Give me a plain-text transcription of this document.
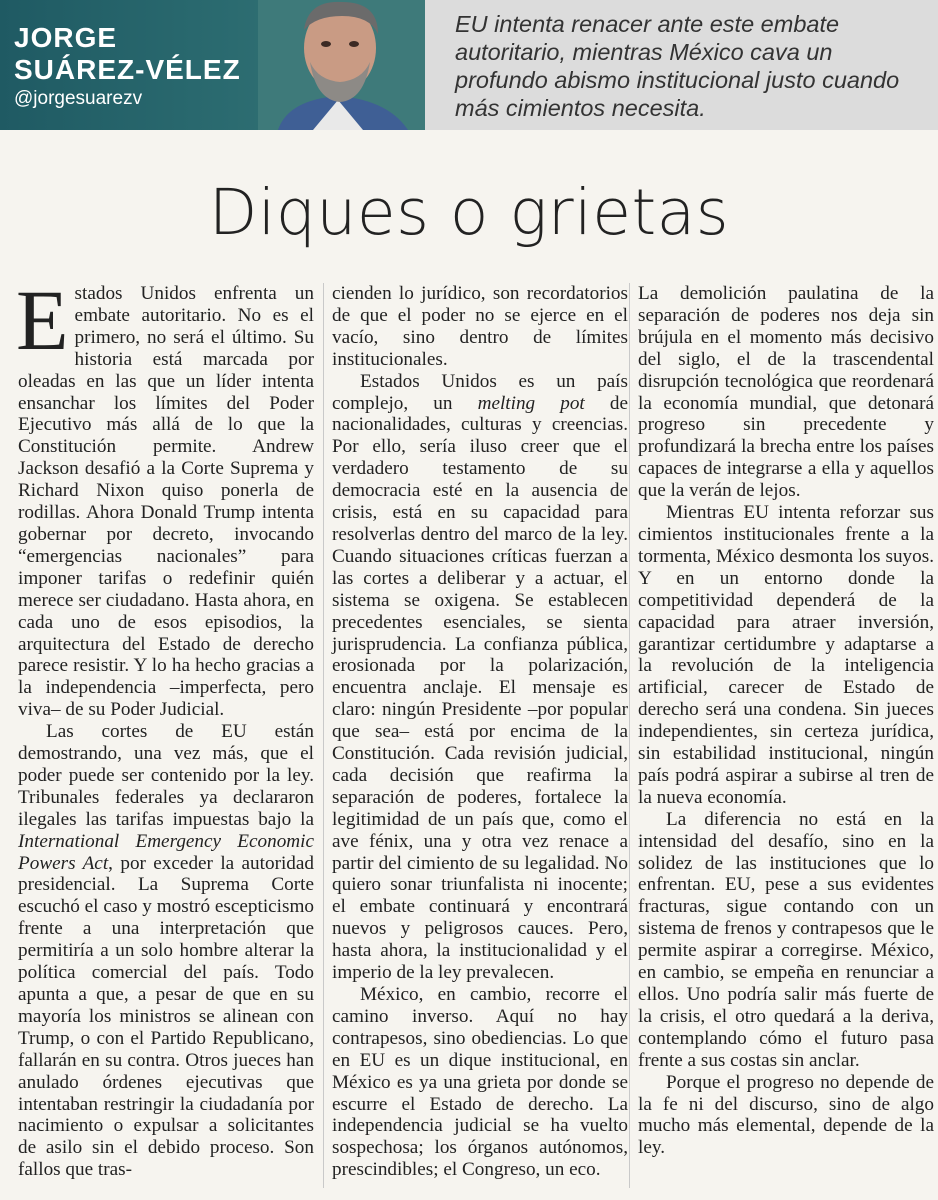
JORGE
SUÁREZ-VÉLEZ
@jorgesuarezv
EU intenta renacer ante este embate autoritario, mientras México cava un profundo abismo institucional justo cuando más cimientos necesita.
Diques o grietas

Estados Unidos enfrenta un embate autoritario. No es el primero, no será el último. Su historia está marcada por oleadas en las que un líder intenta ensanchar los límites del Poder Ejecutivo más allá de lo que la Constitución permite. Andrew Jackson desafió a la Corte Suprema y Richard Nixon quiso ponerla de rodillas. Ahora Donald Trump intenta gobernar por decreto, invocando “emergencias nacionales” para imponer tarifas o redefinir quién merece ser ciudadano. Hasta ahora, en cada uno de esos episodios, la arquitectura del Estado de derecho parece resistir. Y lo ha hecho gracias a la independencia –imperfecta, pero viva– de su Poder Judicial.

Las cortes de EU están demostrando, una vez más, que el poder puede ser contenido por la ley. Tribunales federales ya declararon ilegales las tarifas impuestas bajo la International Emergency Economic Powers Act, por exceder la autoridad presidencial. La Suprema Corte escuchó el caso y mostró escepticismo frente a una interpretación que permitiría a un solo hombre alterar la política comercial del país. Todo apunta a que, a pesar de que en su mayoría los ministros se alinean con Trump, o con el Partido Republicano, fallarán en su contra. Otros jueces han anulado órdenes ejecutivas que intentaban restringir la ciudadanía por nacimiento o expulsar a solicitantes de asilo sin el debido proceso. Son fallos que tras-

cienden lo jurídico, son recordatorios de que el poder no se ejerce en el vacío, sino dentro de límites institucionales.

Estados Unidos es un país complejo, un melting pot de nacionalidades, culturas y creencias. Por ello, sería iluso creer que el verdadero testamento de su democracia esté en la ausencia de crisis, está en su capacidad para resolverlas dentro del marco de la ley. Cuando situaciones críticas fuerzan a las cortes a deliberar y a actuar, el sistema se oxigena. Se establecen precedentes esenciales, se sienta jurisprudencia. La confianza pública, erosionada por la polarización, encuentra anclaje. El mensaje es claro: ningún Presidente –por popular que sea– está por encima de la Constitución. Cada revisión judicial, cada decisión que reafirma la separación de poderes, fortalece la legitimidad de un país que, como el ave fénix, una y otra vez renace a partir del cimiento de su legalidad. No quiero sonar triunfalista ni inocente; el embate continuará y encontrará nuevos y peligrosos cauces. Pero, hasta ahora, la institucionalidad y el imperio de la ley prevalecen.

México, en cambio, recorre el camino inverso. Aquí no hay contrapesos, sino obediencias. Lo que en EU es un dique institucional, en México es ya una grieta por donde se escurre el Estado de derecho. La independencia judicial se ha vuelto sospechosa; los órganos autónomos, prescindibles; el Congreso, un eco.

La demolición paulatina de la separación de poderes nos deja sin brújula en el momento más decisivo del siglo, el de la trascendental disrupción tecnológica que reordenará la economía mundial, que detonará progreso sin precedente y profundizará la brecha entre los países capaces de integrarse a ella y aquellos que la verán de lejos.

Mientras EU intenta reforzar sus cimientos institucionales frente a la tormenta, México desmonta los suyos. Y en un entorno donde la competitividad dependerá de la capacidad para atraer inversión, garantizar certidumbre y adaptarse a la revolución de la inteligencia artificial, carecer de Estado de derecho será una condena. Sin jueces independientes, sin certeza jurídica, sin estabilidad institucional, ningún país podrá aspirar a subirse al tren de la nueva economía.

La diferencia no está en la intensidad del desafío, sino en la solidez de las instituciones que lo enfrentan. EU, pese a sus evidentes fracturas, sigue contando con un sistema de frenos y contrapesos que le permite aspirar a corregirse. México, en cambio, se empeña en renunciar a ellos. Uno podría salir más fuerte de la crisis, el otro quedará a la deriva, contemplando cómo el futuro pasa frente a sus costas sin anclar.

Porque el progreso no depende de la fe ni del discurso, sino de algo mucho más elemental, depende de la ley.
